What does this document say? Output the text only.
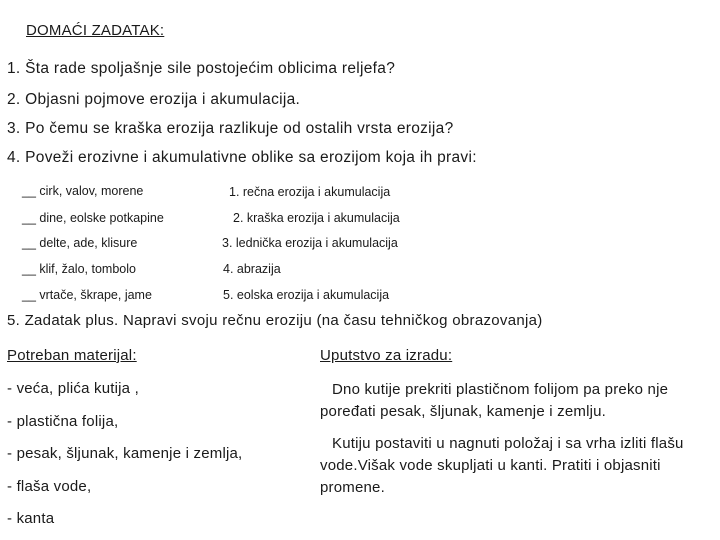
DOMAĆI ZADATAK:
1. Šta rade spoljašnje sile postojećim oblicima reljefa?
2. Objasni pojmove erozija i akumulacija.
3. Po čemu se kraška erozija razlikuje od ostalih vrsta erozija?
4. Poveži erozivne i akumulativne oblike sa erozijom koja ih pravi:
__ cirk, valov, morene
__ dine, eolske potkapine
__ delte, ade, klisure
__ klif, žalo, tombolo
__ vrtače, škrape, jame
1. rečna erozija i akumulacija
2. kraška erozija i akumulacija
3. lednička erozija i akumulacija
4. abrazija
5. eolska erozija i akumulacija
5. Zadatak plus. Napravi svoju rečnu eroziju (na času tehničkog obrazovanja)
Potreban materijal:
- veća, plića kutija ,
- plastična folija,
- pesak, šljunak, kamenje i zemlja,
- flaša vode,
- kanta
Uputstvo za izradu:
Dno kutije prekriti plastičnom folijom pa preko nje poređati pesak, šljunak, kamenje i zemlju.
Kutiju postaviti u nagnuti položaj i sa vrha izliti flašu vode.Višak vode skupljati u kanti. Pratiti i objasniti promene.
